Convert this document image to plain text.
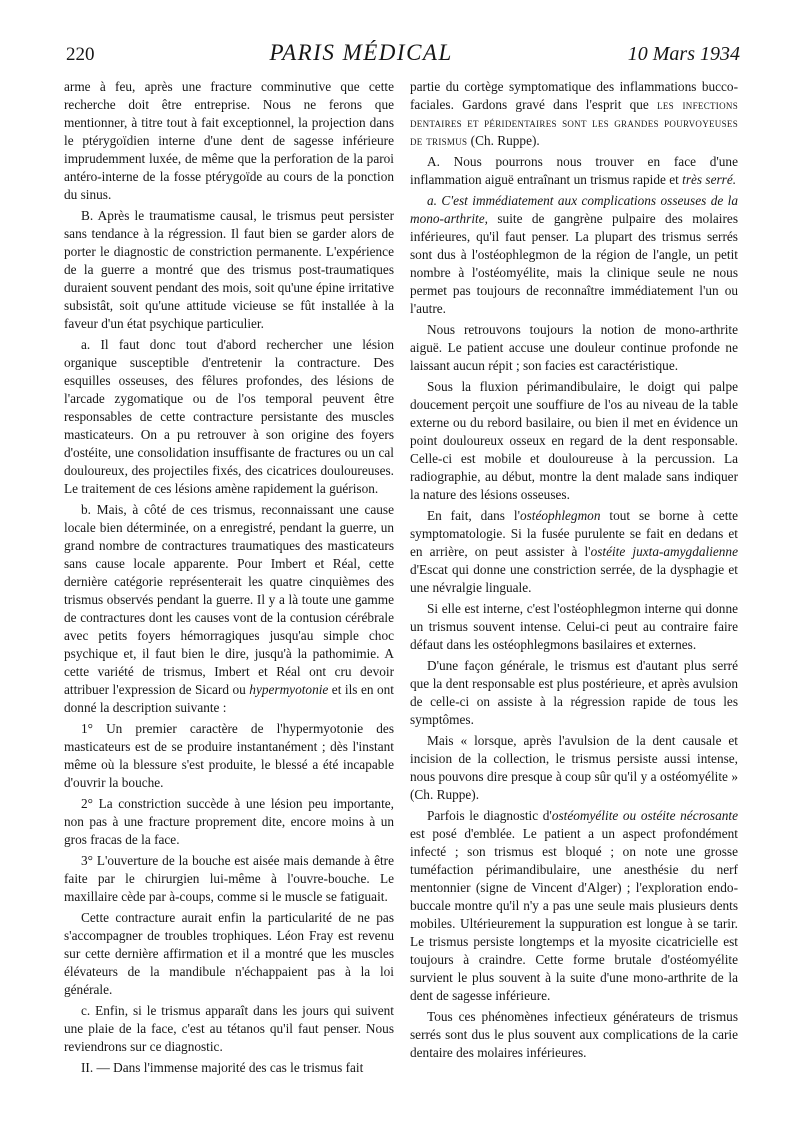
220	PARIS MÉDICAL	10 Mars 1934

arme à feu, après une fracture comminutive que cette recherche doit être entreprise. Nous ne ferons que mentionner, à titre tout à fait exceptionnel, la projection dans le ptérygoïdien interne d'une dent de sagesse inférieure imprudemment luxée, de même que la perforation de la paroi antéro-interne de la fosse ptérygoïde au cours de la ponction du sinus.

B. Après le traumatisme causal, le trismus peut persister sans tendance à la régression. Il faut bien se garder alors de porter le diagnostic de constriction permanente. L'expérience de la guerre a montré que des trismus post-traumatiques duraient souvent pendant des mois, soit qu'une épine irritative subsistât, soit qu'une attitude vicieuse se fût installée à la faveur d'un état psychique particulier.

a. Il faut donc tout d'abord rechercher une lésion organique susceptible d'entretenir la contracture. Des esquilles osseuses, des fêlures profondes, des lésions de l'arcade zygomatique ou de l'os temporal peuvent être responsables de cette contracture persistante des muscles masticateurs. On a pu retrouver à son origine des foyers d'ostéite, une consolidation insuffisante de fractures ou un cal douloureux, des projectiles fixés, des cicatrices douloureuses. Le traitement de ces lésions amène rapidement la guérison.

b. Mais, à côté de ces trismus, reconnaissant une cause locale bien déterminée, on a enregistré, pendant la guerre, un grand nombre de contractures traumatiques des masticateurs sans cause locale apparente. Pour Imbert et Réal, cette dernière catégorie représenterait les quatre cinquièmes des trismus observés pendant la guerre. Il y a là toute une gamme de contractures dont les causes vont de la contusion cérébrale avec petits foyers hémorragiques jusqu'au simple choc psychique et, il faut bien le dire, jusqu'à la pathomimie. A cette variété de trismus, Imbert et Réal ont cru devoir attribuer l'expression de Sicard ou hypermyotonie et ils en ont donné la description suivante :

1° Un premier caractère de l'hypermyotonie des masticateurs est de se produire instantanément ; dès l'instant même où la blessure s'est produite, le blessé a été incapable d'ouvrir la bouche.

2° La constriction succède à une lésion peu importante, non pas à une fracture proprement dite, encore moins à un gros fracas de la face.

3° L'ouverture de la bouche est aisée mais demande à être faite par le chirurgien lui-même à l'ouvre-bouche. Le maxillaire cède par à-coups, comme si le muscle se fatiguait.

Cette contracture aurait enfin la particularité de ne pas s'accompagner de troubles trophiques. Léon Fray est revenu sur cette dernière affirmation et il a montré que les muscles élévateurs de la mandibule n'échappaient pas à la loi générale.

c. Enfin, si le trismus apparaît dans les jours qui suivent une plaie de la face, c'est au tétanos qu'il faut penser. Nous reviendrons sur ce diagnostic.

II. — Dans l'immense majorité des cas le trismus fait

partie du cortège symptomatique des inflammations bucco-faciales. Gardons gravé dans l'esprit que les infections dentaires et péridentaires sont les grandes pourvoyeuses de trismus (Ch. Ruppe).

A. Nous pourrons nous trouver en face d'une inflammation aiguë entraînant un trismus rapide et très serré.

a. C'est immédiatement aux complications osseuses de la mono-arthrite, suite de gangrène pulpaire des molaires inférieures, qu'il faut penser. La plupart des trismus serrés sont dus à l'ostéophlegmon de la région de l'angle, un petit nombre à l'ostéomyélite, mais la clinique seule ne nous permet pas toujours de reconnaître immédiatement l'un ou l'autre.

Nous retrouvons toujours la notion de mono-arthrite aiguë. Le patient accuse une douleur continue profonde ne laissant aucun répit ; son facies est caractéristique.

Sous la fluxion périmandibulaire, le doigt qui palpe doucement perçoit une souffiure de l'os au niveau de la table externe ou du rebord basilaire, ou bien il met en évidence un point douloureux osseux en regard de la dent responsable. Celle-ci est mobile et douloureuse à la percussion. La radiographie, au début, montre la dent malade sans indiquer la nature des lésions osseuses.

En fait, dans l'ostéophlegmon tout se borne à cette symptomatologie. Si la fusée purulente se fait en dedans et en arrière, on peut assister à l'ostéite juxta-amygdalienne d'Escat qui donne une constriction serrée, de la dysphagie et une névralgie linguale.

Si elle est interne, c'est l'ostéophlegmon interne qui donne un trismus souvent intense. Celui-ci peut au contraire faire défaut dans les ostéophlegmons basilaires et externes.

D'une façon générale, le trismus est d'autant plus serré que la dent responsable est plus postérieure, et après avulsion de celle-ci on assiste à la régression rapide de tous les symptômes.

Mais « lorsque, après l'avulsion de la dent causale et incision de la collection, le trismus persiste aussi intense, nous pouvons dire presque à coup sûr qu'il y a ostéomyélite » (Ch. Ruppe).

Parfois le diagnostic d'ostéomyélite ou ostéite nécrosante est posé d'emblée. Le patient a un aspect profondément infecté ; son trismus est bloqué ; on note une grosse tuméfaction périmandibulaire, une anesthésie du nerf mentonnier (signe de Vincent d'Alger) ; l'exploration endo-buccale montre qu'il n'y a pas une seule mais plusieurs dents mobiles. Ultérieurement la suppuration est longue à se tarir. Le trismus persiste longtemps et la myosite cicatricielle est toujours à craindre. Cette forme brutale d'ostéomyélite survient le plus souvent à la suite d'une mono-arthrite de la dent de sagesse inférieure.

Tous ces phénomènes infectieux générateurs de trismus serrés sont dus le plus souvent aux complications de la carie dentaire des molaires inférieures.
